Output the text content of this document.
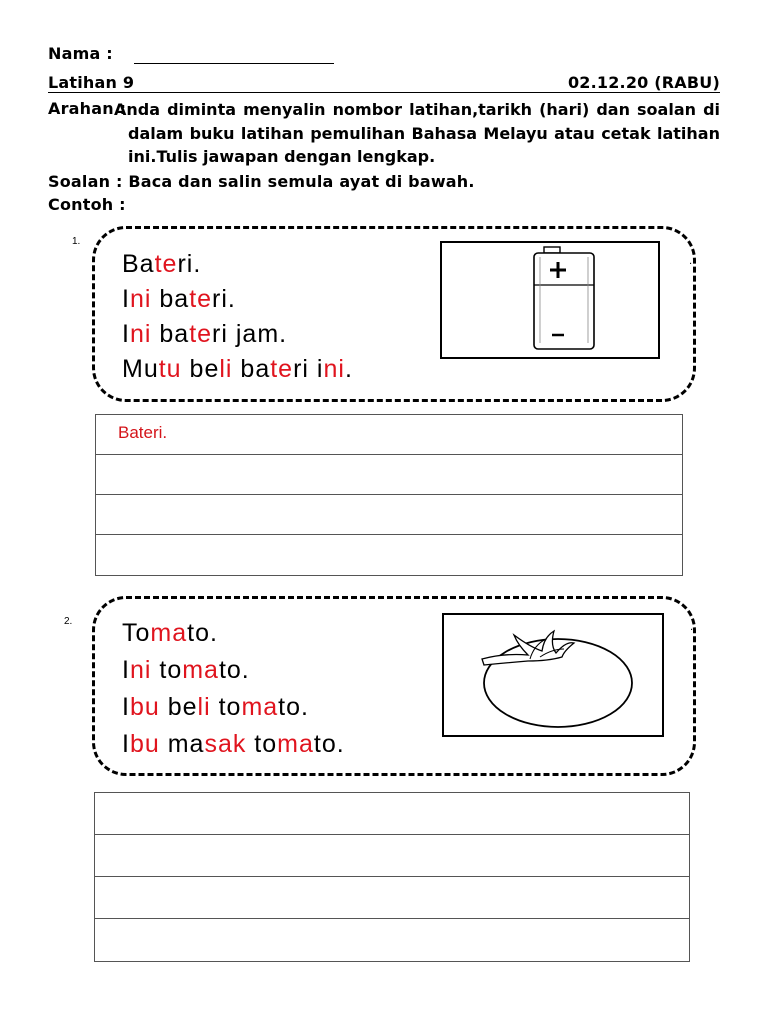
Nama :
Latihan 9	02.12.20 (RABU)
Arahan :
Anda diminta menyalin nombor latihan,tarikh (hari) dan soalan di dalam buku latihan pemulihan Bahasa Melayu atau cetak latihan ini.Tulis jawapan dengan lengkap.
Soalan : Baca dan salin semula ayat di bawah.
Contoh :
1.
.
Bateri.
Ini bateri.
Ini bateri jam.
Mutu beli bateri ini.
Bateri.
2.
.
Tomato.
Ini tomato.
Ibu beli tomato.
Ibu masak tomato.
